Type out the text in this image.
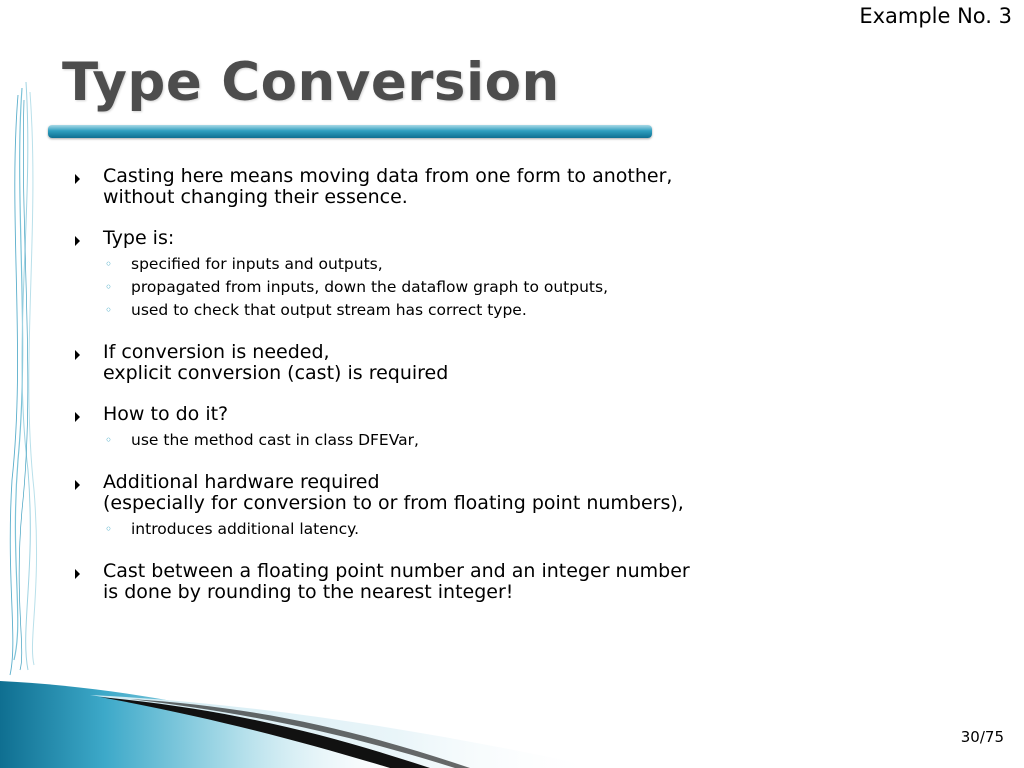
Example No. 3
Type Conversion
Casting here means moving data from one form to another,
without changing their essence.
Type is:
◦ specified for inputs and outputs,
◦ propagated from inputs, down the dataflow graph to outputs,
◦ used to check that output stream has correct type.
If conversion is needed,
explicit conversion (cast) is required
How to do it?
◦ use the method cast in class DFEVar,
Additional hardware required
(especially for conversion to or from floating point numbers),
◦ introduces additional latency.
Cast between a floating point number and an integer number
is done by rounding to the nearest integer!
30/75
